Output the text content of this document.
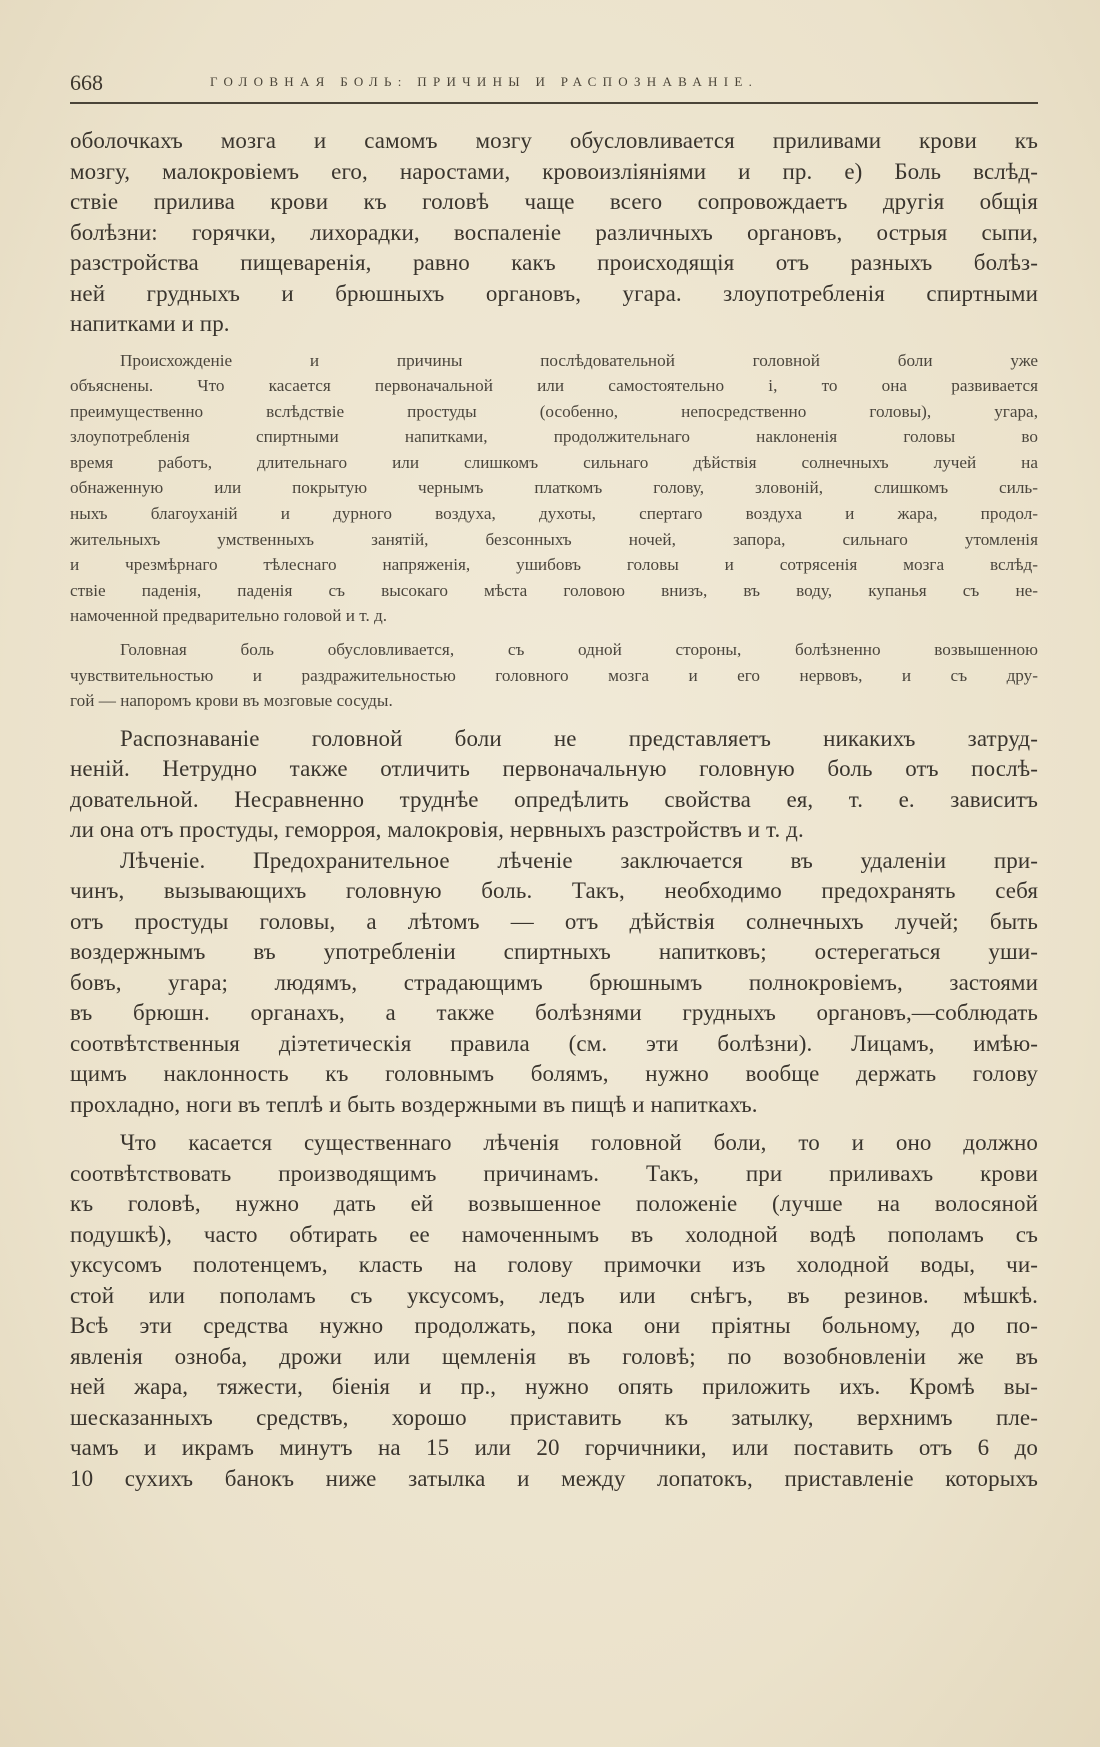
668	ГОЛОВНАЯ БОЛЬ: ПРИЧИНЫ И РАСПОЗНАВАНІЕ.
оболочкахъ мозга и самомъ мозгу обусловливается приливами крови къ
мозгу, малокровіемъ его, наростами, кровоизліяніями и пр. е) Боль вслѣд-
ствіе прилива крови къ головѣ чаще всего сопровождаетъ другія общія
болѣзни: горячки, лихорадки, воспаленіе различныхъ органовъ, острыя сыпи,
разстройства пищеваренія, равно какъ происходящія отъ разныхъ болѣз-
ней грудныхъ и брюшныхъ органовъ, угара. злоупотребленія спиртными
напитками и пр.
Происхожденіе и причины послѣдовательной головной боли уже
объяснены. Что касается первоначальной или самостоятельно і, то она развивается
преимущественно вслѣдствіе простуды (особенно, непосредственно головы), угара,
злоупотребленія спиртными напитками, продолжительнаго наклоненія головы во
время работъ, длительнаго или слишкомъ сильнаго дѣйствія солнечныхъ лучей на
обнаженную или покрытую чернымъ платкомъ голову, зловоній, слишкомъ силь-
ныхъ благоуханій и дурного воздуха, духоты, спертаго воздуха и жара, продол-
жительныхъ умственныхъ занятій, безсонныхъ ночей, запора, сильнаго утомленія
и чрезмѣрнаго тѣлеснаго напряженія, ушибовъ головы и сотрясенія мозга вслѣд-
ствіе паденія, паденія съ высокаго мѣста головою внизъ, въ воду, купанья съ не-
намоченной предварительно головой и т. д.
Головная боль обусловливается, съ одной стороны, болѣзненно возвышенною
чувствительностью и раздражительностью головного мозга и его нервовъ, и съ дру-
гой — напоромъ крови въ мозговые сосуды.
Распознаваніе головной боли не представляетъ никакихъ затруд-
неній. Нетрудно также отличить первоначальную головную боль отъ послѣ-
довательной. Несравненно труднѣе опредѣлить свойства ея, т. е. зависитъ
ли она отъ простуды, геморроя, малокровія, нервныхъ разстройствъ и т. д.
Лѣченіе. Предохранительное лѣченіе заключается въ удаленіи при-
чинъ, вызывающихъ головную боль. Такъ, необходимо предохранять себя
отъ простуды головы, а лѣтомъ — отъ дѣйствія солнечныхъ лучей; быть
воздержнымъ въ употребленіи спиртныхъ напитковъ; остерегаться уши-
бовъ, угара; людямъ, страдающимъ брюшнымъ полнокровіемъ, застоями
въ брюшн. органахъ, а также болѣзнями грудныхъ органовъ,—соблюдать
соотвѣтственныя діэтетическія правила (см. эти болѣзни). Лицамъ, имѣю-
щимъ наклонность къ головнымъ болямъ, нужно вообще держать голову
прохладно, ноги въ теплѣ и быть воздержными въ пищѣ и напиткахъ.
Что касается существеннаго лѣченія головной боли, то и оно должно
соотвѣтствовать производящимъ причинамъ. Такъ, при приливахъ крови
къ головѣ, нужно дать ей возвышенное положеніе (лучше на волосяной
подушкѣ), часто обтирать ее намоченнымъ въ холодной водѣ пополамъ съ
уксусомъ полотенцемъ, класть на голову примочки изъ холодной воды, чи-
стой или пополамъ съ уксусомъ, ледъ или снѣгъ, въ резинов. мѣшкѣ.
Всѣ эти средства нужно продолжать, пока они пріятны больному, до по-
явленія озноба, дрожи или щемленія въ головѣ; по возобновленіи же въ
ней жара, тяжести, біенія и пр., нужно опять приложить ихъ. Кромѣ вы-
шесказанныхъ средствъ, хорошо приставить къ затылку, верхнимъ пле-
чамъ и икрамъ минутъ на 15 или 20 горчичники, или поставить отъ 6 до
10 сухихъ банокъ ниже затылка и между лопатокъ, приставленіе которыхъ
